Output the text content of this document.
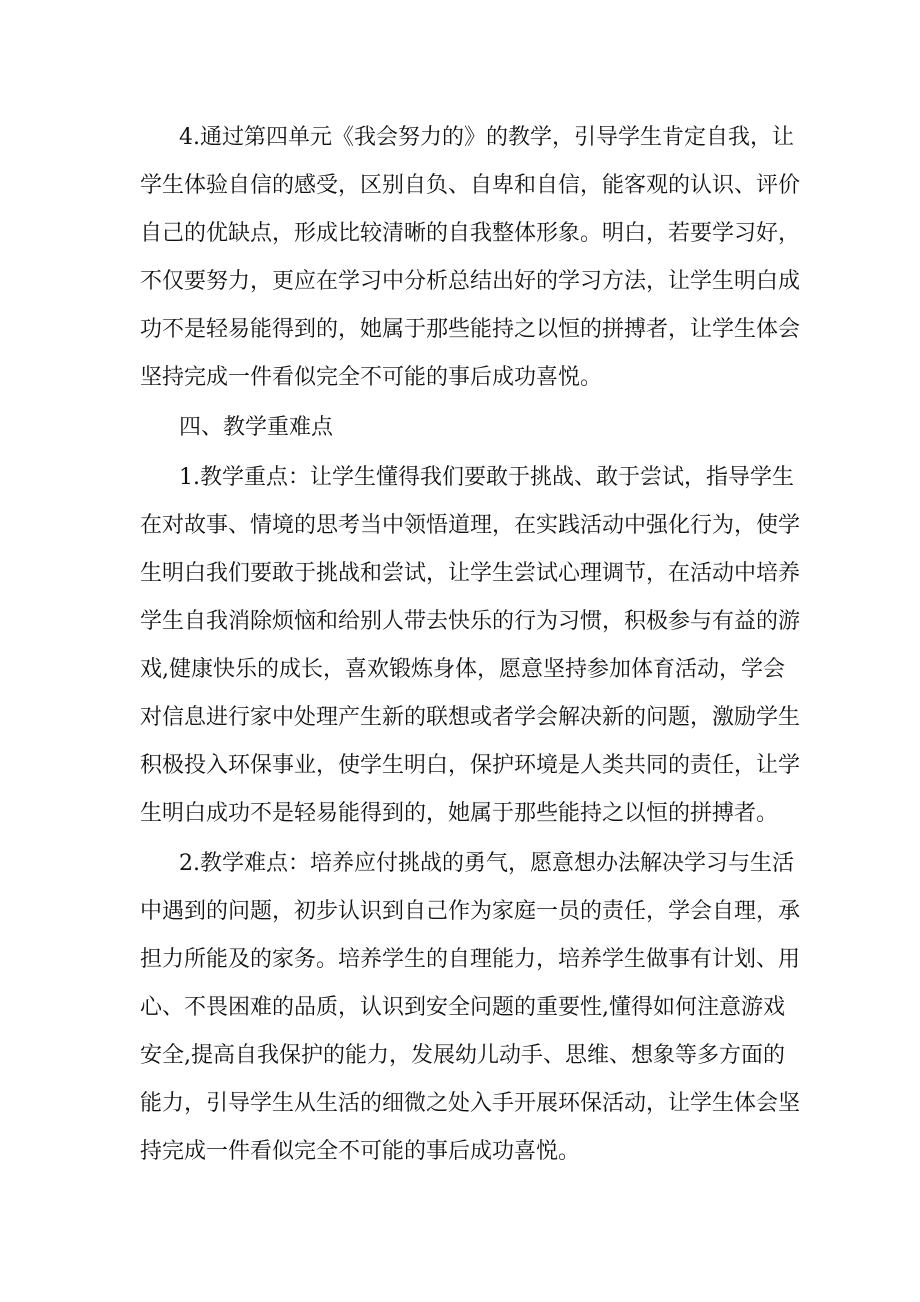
4.通过第四单元《我会努力的》的教学，引导学生肯定自我，让
学生体验自信的感受，区别自负、自卑和自信，能客观的认识、评价
自己的优缺点，形成比较清晰的自我整体形象。明白，若要学习好，
不仅要努力，更应在学习中分析总结出好的学习方法，让学生明白成
功不是轻易能得到的，她属于那些能持之以恒的拼搏者，让学生体会
坚持完成一件看似完全不可能的事后成功喜悦。
四、教学重难点
1.教学重点：让学生懂得我们要敢于挑战、敢于尝试，指导学生
在对故事、情境的思考当中领悟道理，在实践活动中强化行为，使学
生明白我们要敢于挑战和尝试，让学生尝试心理调节，在活动中培养
学生自我消除烦恼和给别人带去快乐的行为习惯，积极参与有益的游
戏,健康快乐的成长，喜欢锻炼身体，愿意坚持参加体育活动，学会
对信息进行家中处理产生新的联想或者学会解决新的问题，激励学生
积极投入环保事业，使学生明白，保护环境是人类共同的责任，让学
生明白成功不是轻易能得到的，她属于那些能持之以恒的拼搏者。
2.教学难点：培养应付挑战的勇气，愿意想办法解决学习与生活
中遇到的问题，初步认识到自己作为家庭一员的责任，学会自理，承
担力所能及的家务。培养学生的自理能力，培养学生做事有计划、用
心、不畏困难的品质，认识到安全问题的重要性,懂得如何注意游戏
安全,提高自我保护的能力，发展幼儿动手、思维、想象等多方面的
能力，引导学生从生活的细微之处入手开展环保活动，让学生体会坚
持完成一件看似完全不可能的事后成功喜悦。
